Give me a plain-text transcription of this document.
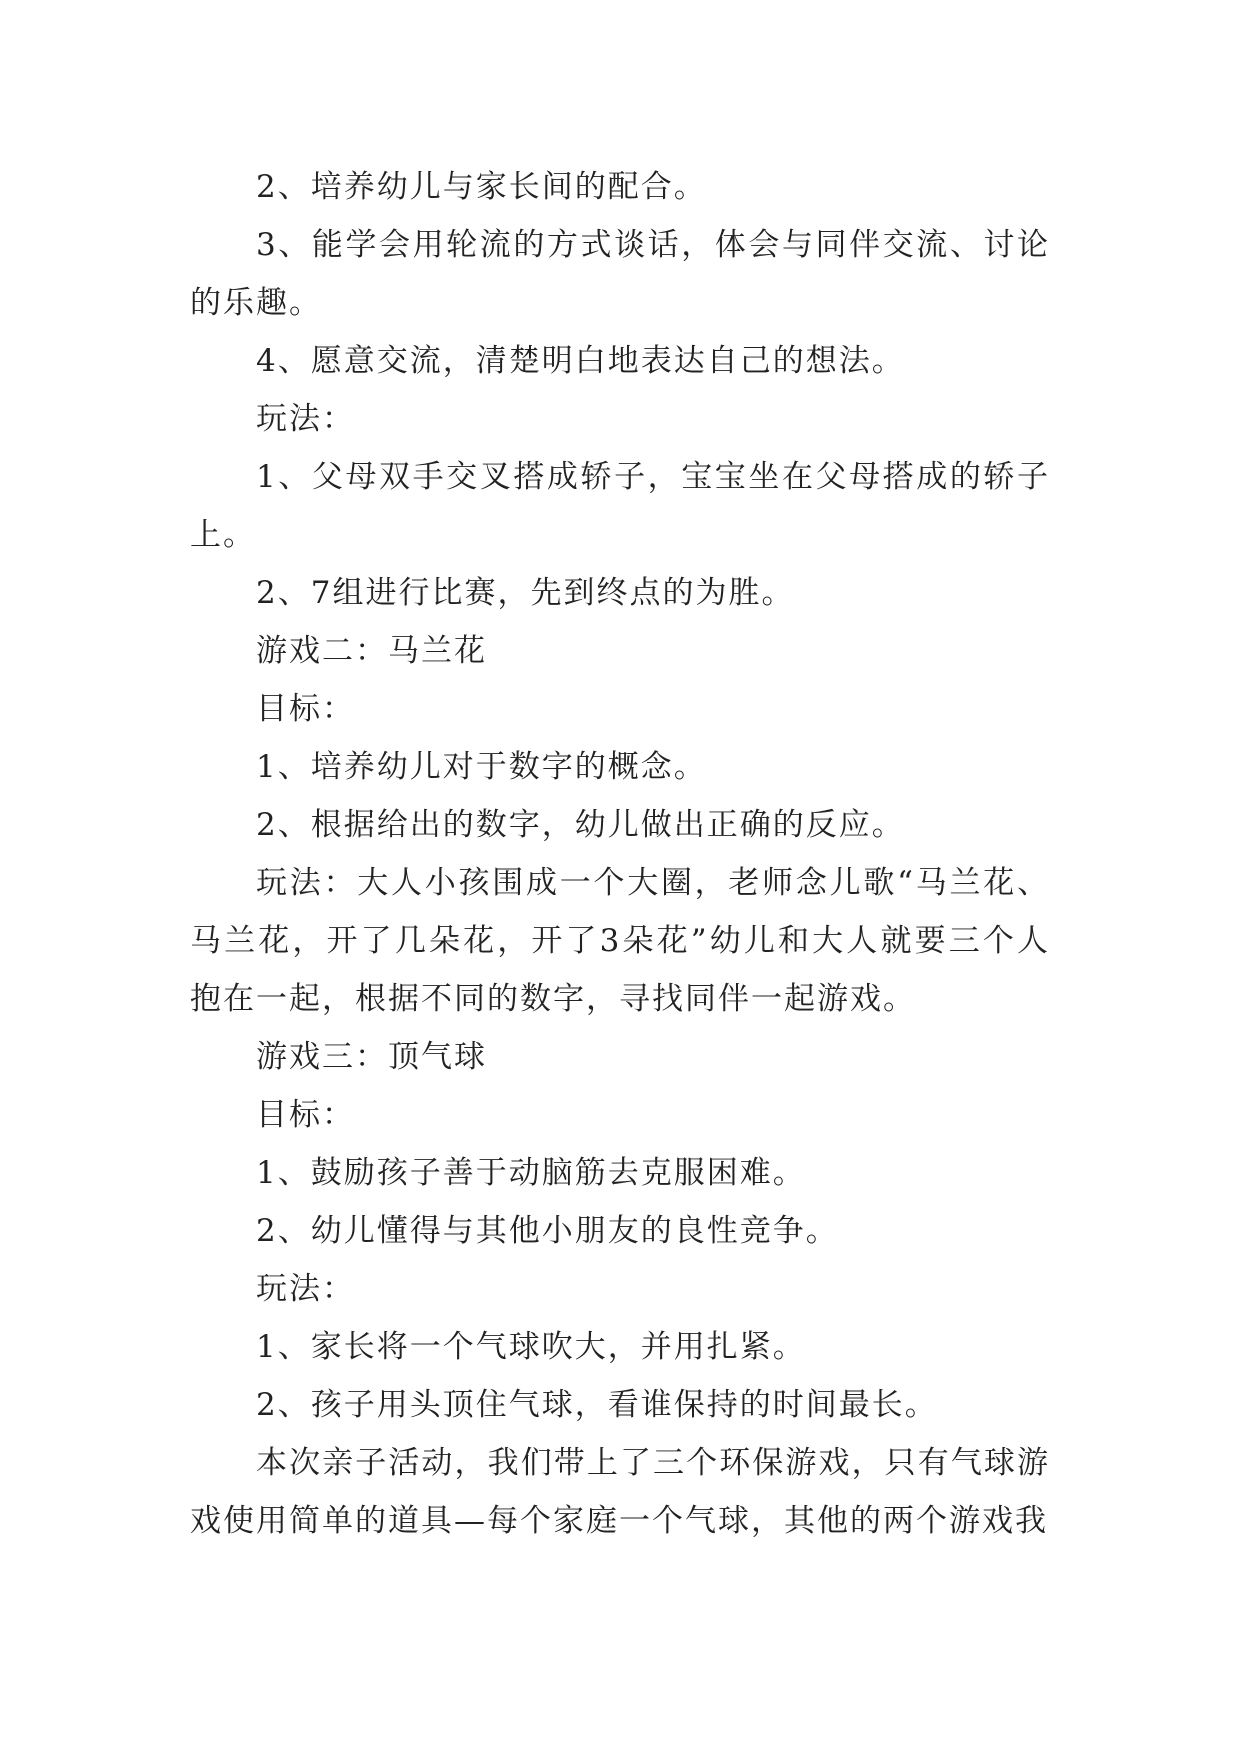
2、培养幼儿与家长间的配合。

3、能学会用轮流的方式谈话，体会与同伴交流、讨论的乐趣。

4、愿意交流，清楚明白地表达自己的想法。

玩法：

1、父母双手交叉搭成轿子，宝宝坐在父母搭成的轿子上。

2、7组进行比赛，先到终点的为胜。

游戏二：马兰花

目标：

1、培养幼儿对于数字的概念。

2、根据给出的数字，幼儿做出正确的反应。

玩法：大人小孩围成一个大圈，老师念儿歌“马兰花、马兰花，开了几朵花，开了3朵花”幼儿和大人就要三个人抱在一起，根据不同的数字，寻找同伴一起游戏。

游戏三：顶气球

目标：

1、鼓励孩子善于动脑筋去克服困难。

2、幼儿懂得与其他小朋友的良性竞争。

玩法：

1、家长将一个气球吹大，并用扎紧。

2、孩子用头顶住气球，看谁保持的时间最长。

本次亲子活动，我们带上了三个环保游戏，只有气球游戏使用简单的道具—每个家庭一个气球，其他的两个游戏我
